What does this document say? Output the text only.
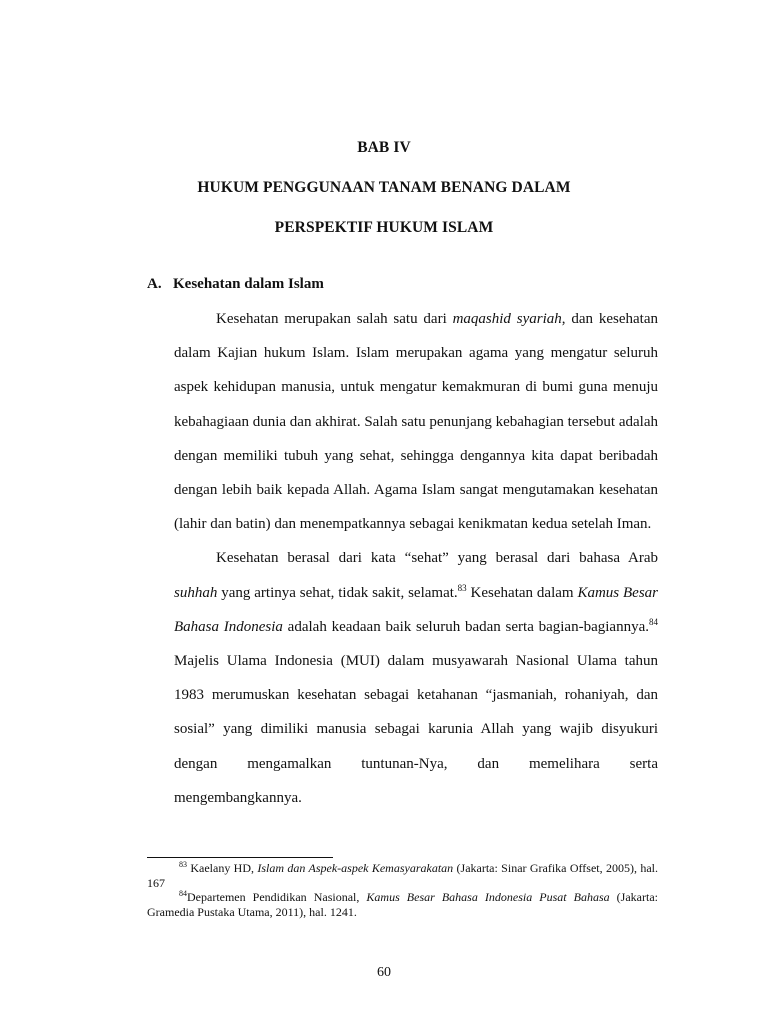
BAB IV
HUKUM PENGGUNAAN TANAM BENANG DALAM
PERSPEKTIF HUKUM ISLAM
A. Kesehatan dalam Islam

Kesehatan merupakan salah satu dari maqashid syariah, dan kesehatan dalam Kajian hukum Islam. Islam merupakan agama yang mengatur seluruh aspek kehidupan manusia, untuk mengatur kemakmuran di bumi guna menuju kebahagiaan dunia dan akhirat. Salah satu penunjang kebahagian tersebut adalah dengan memiliki tubuh yang sehat, sehingga dengannya kita dapat beribadah dengan lebih baik kepada Allah. Agama Islam sangat mengutamakan kesehatan (lahir dan batin) dan menempatkannya sebagai kenikmatan kedua setelah Iman.

Kesehatan berasal dari kata “sehat” yang berasal dari bahasa Arab suhhah yang artinya sehat, tidak sakit, selamat.$^{83}$ Kesehatan dalam Kamus Besar Bahasa Indonesia adalah keadaan baik seluruh badan serta bagian-bagiannya.$^{84}$ Majelis Ulama Indonesia (MUI) dalam musyawarah Nasional Ulama tahun 1983 merumuskan kesehatan sebagai ketahanan “jasmaniah, rohaniyah, dan sosial” yang dimiliki manusia sebagai karunia Allah yang wajib disyukuri dengan mengamalkan tuntunan-Nya, dan memelihara serta mengembangkannya.

$^{83}$ Kaelany HD, Islam dan Aspek-aspek Kemasyarakatan (Jakarta: Sinar Grafika Offset, 2005), hal. 167

$^{84}$Departemen Pendidikan Nasional, Kamus Besar Bahasa Indonesia Pusat Bahasa (Jakarta: Gramedia Pustaka Utama, 2011), hal. 1241.

60
